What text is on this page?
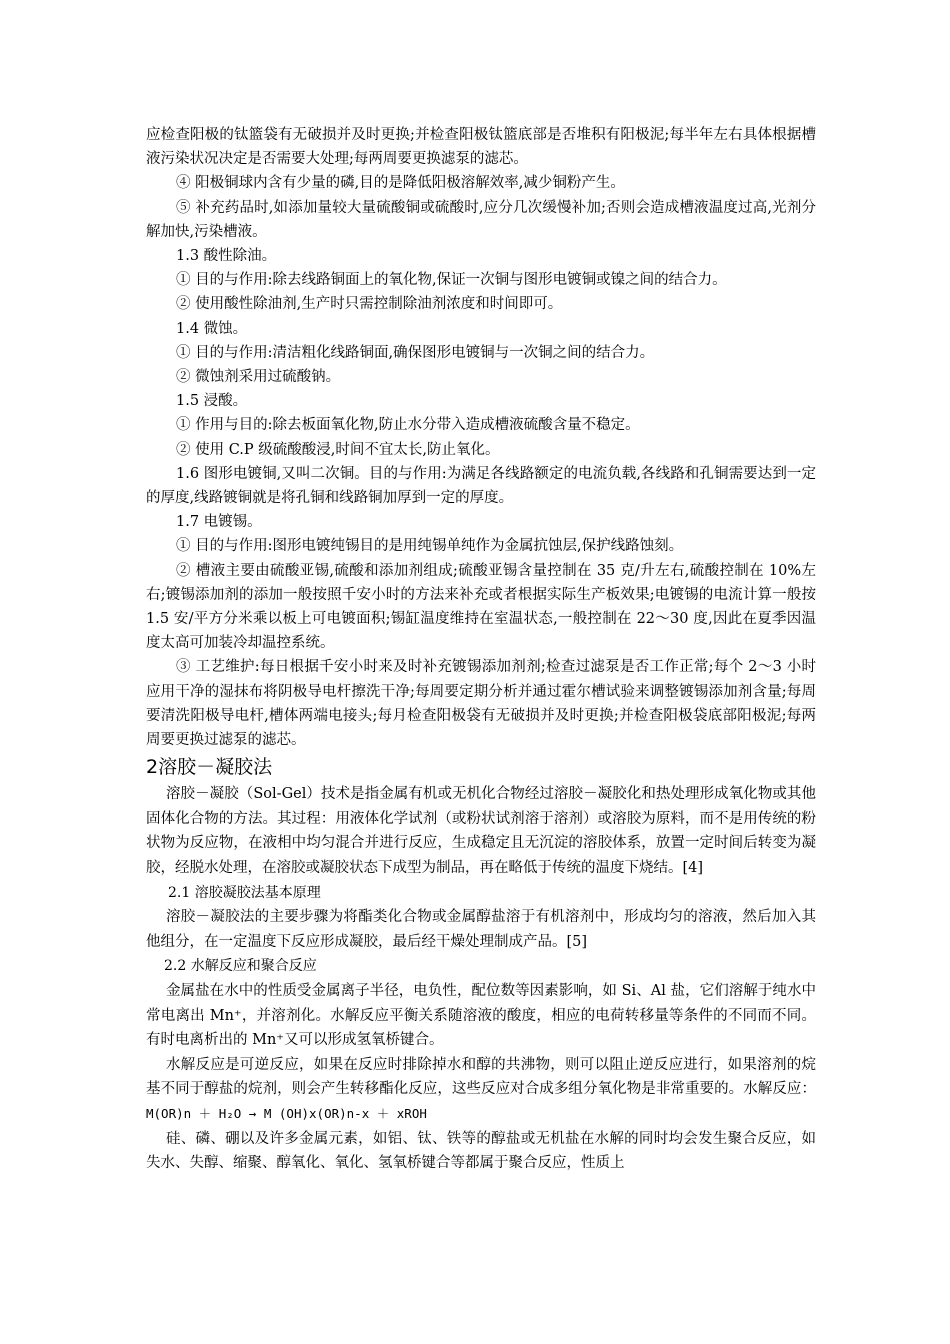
应检查阳极的钛篮袋有无破损并及时更换;并检查阳极钛篮底部是否堆积有阳极泥;每半年左右具体根据槽液污染状况决定是否需要大处理;每两周要更换滤泵的滤芯。

④ 阳极铜球内含有少量的磷,目的是降低阳极溶解效率,减少铜粉产生。

⑤ 补充药品时,如添加量较大量硫酸铜或硫酸时,应分几次缓慢补加;否则会造成槽液温度过高,光剂分解加快,污染槽液。

1.3 酸性除油。

① 目的与作用:除去线路铜面上的氧化物,保证一次铜与图形电镀铜或镍之间的结合力。

② 使用酸性除油剂,生产时只需控制除油剂浓度和时间即可。

1.4 微蚀。

① 目的与作用:清洁粗化线路铜面,确保图形电镀铜与一次铜之间的结合力。

② 微蚀剂采用过硫酸钠。

1.5 浸酸。

① 作用与目的:除去板面氧化物,防止水分带入造成槽液硫酸含量不稳定。

② 使用 C.P 级硫酸酸浸,时间不宜太长,防止氧化。

1.6 图形电镀铜,又叫二次铜。目的与作用:为满足各线路额定的电流负载,各线路和孔铜需要达到一定的厚度,线路镀铜就是将孔铜和线路铜加厚到一定的厚度。

1.7 电镀锡。

① 目的与作用:图形电镀纯锡目的是用纯锡单纯作为金属抗蚀层,保护线路蚀刻。

② 槽液主要由硫酸亚锡,硫酸和添加剂组成;硫酸亚锡含量控制在 35 克/升左右,硫酸控制在 10%左右;镀锡添加剂的添加一般按照千安小时的方法来补充或者根据实际生产板效果;电镀锡的电流计算一般按 1.5 安/平方分米乘以板上可电镀面积;锡缸温度维持在室温状态,一般控制在 22～30 度,因此在夏季因温度太高可加装冷却温控系统。

③ 工艺维护:每日根据千安小时来及时补充镀锡添加剂剂;检查过滤泵是否工作正常;每个 2～3 小时应用干净的湿抹布将阴极导电杆擦洗干净;每周要定期分析并通过霍尔槽试验来调整镀锡添加剂含量;每周要清洗阳极导电杆,槽体两端电接头;每月检查阳极袋有无破损并及时更换;并检查阳极袋底部阳极泥;每两周要更换过滤泵的滤芯。

2溶胶－凝胶法

溶胶－凝胶（Sol-Gel）技术是指金属有机或无机化合物经过溶胶－凝胶化和热处理形成氧化物或其他固体化合物的方法。其过程：用液体化学试剂（或粉状试剂溶于溶剂）或溶胶为原料，而不是用传统的粉状物为反应物，在液相中均匀混合并进行反应，生成稳定且无沉淀的溶胶体系，放置一定时间后转变为凝胶，经脱水处理，在溶胶或凝胶状态下成型为制品，再在略低于传统的温度下烧结。[4]

2.1 溶胶凝胶法基本原理

溶胶－凝胶法的主要步骤为将酯类化合物或金属醇盐溶于有机溶剂中，形成均匀的溶液，然后加入其他组分，在一定温度下反应形成凝胶，最后经干燥处理制成产品。[5]

2.2 水解反应和聚合反应

金属盐在水中的性质受金属离子半径，电负性，配位数等因素影响，如 Si、Al 盐，它们溶解于纯水中常电离出 Mn⁺，并溶剂化。水解反应平衡关系随溶液的酸度，相应的电荷转移量等条件的不同而不同。有时电离析出的 Mn⁺又可以形成氢氧桥键合。

水解反应是可逆反应，如果在反应时排除掉水和醇的共沸物，则可以阻止逆反应进行，如果溶剂的烷基不同于醇盐的烷剂，则会产生转移酯化反应，这些反应对合成多组分氧化物是非常重要的。水解反应：M(OR)n ＋ H₂O → M (OH)x(OR)n-x ＋ xROH

硅、磷、硼以及许多金属元素，如铝、钛、铁等的醇盐或无机盐在水解的同时均会发生聚合反应，如失水、失醇、缩聚、醇氧化、氧化、氢氧桥键合等都属于聚合反应，性质上
